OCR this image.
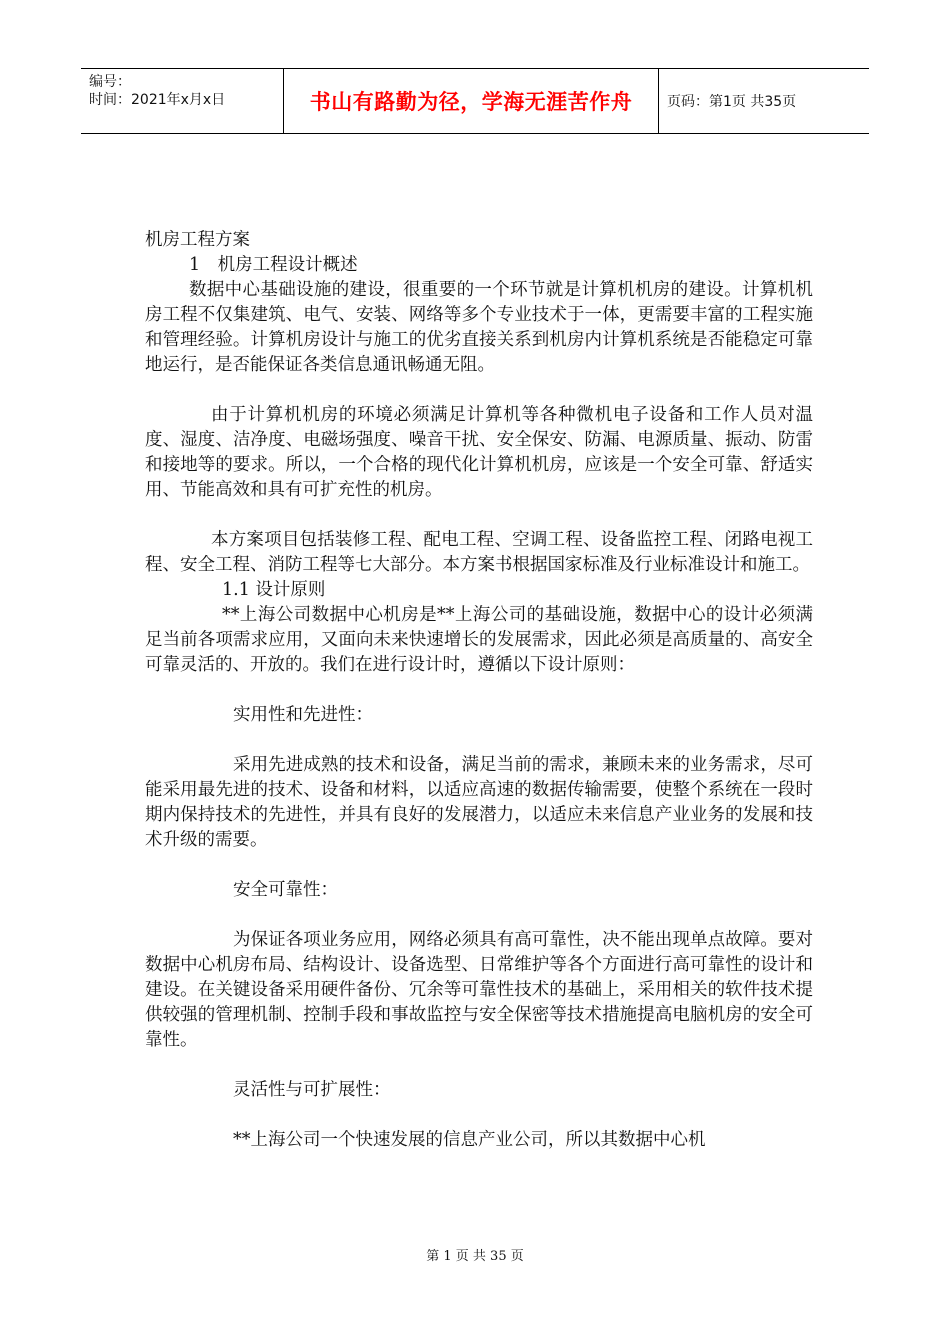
编号：
时间：2021年x月x日	书山有路勤为径，学海无涯苦作舟	页码：第1页 共35页

机房工程方案

1　机房工程设计概述

数据中心基础设施的建设，很重要的一个环节就是计算机机房的建设。计算机机房工程不仅集建筑、电气、安装、网络等多个专业技术于一体，更需要丰富的工程实施和管理经验。计算机房设计与施工的优劣直接关系到机房内计算机系统是否能稳定可靠地运行，是否能保证各类信息通讯畅通无阻。

由于计算机机房的环境必须满足计算机等各种微机电子设备和工作人员对温度、湿度、洁净度、电磁场强度、噪音干扰、安全保安、防漏、电源质量、振动、防雷和接地等的要求。所以，一个合格的现代化计算机机房，应该是一个安全可靠、舒适实用、节能高效和具有可扩充性的机房。

本方案项目包括装修工程、配电工程、空调工程、设备监控工程、闭路电视工程、安全工程、消防工程等七大部分。本方案书根据国家标准及行业标准设计和施工。

1.1 设计原则

**上海公司数据中心机房是**上海公司的基础设施，数据中心的设计必须满足当前各项需求应用，又面向未来快速增长的发展需求，因此必须是高质量的、高安全可靠灵活的、开放的。我们在进行设计时，遵循以下设计原则：

实用性和先进性：

采用先进成熟的技术和设备，满足当前的需求，兼顾未来的业务需求，尽可能采用最先进的技术、设备和材料，以适应高速的数据传输需要，使整个系统在一段时期内保持技术的先进性，并具有良好的发展潜力，以适应未来信息产业业务的发展和技术升级的需要。

安全可靠性：

为保证各项业务应用，网络必须具有高可靠性，决不能出现单点故障。要对数据中心机房布局、结构设计、设备选型、日常维护等各个方面进行高可靠性的设计和建设。在关键设备采用硬件备份、冗余等可靠性技术的基础上，采用相关的软件技术提供较强的管理机制、控制手段和事故监控与安全保密等技术措施提高电脑机房的安全可靠性。

灵活性与可扩展性：

**上海公司一个快速发展的信息产业公司，所以其数据中心机

第 1 页 共 35 页
